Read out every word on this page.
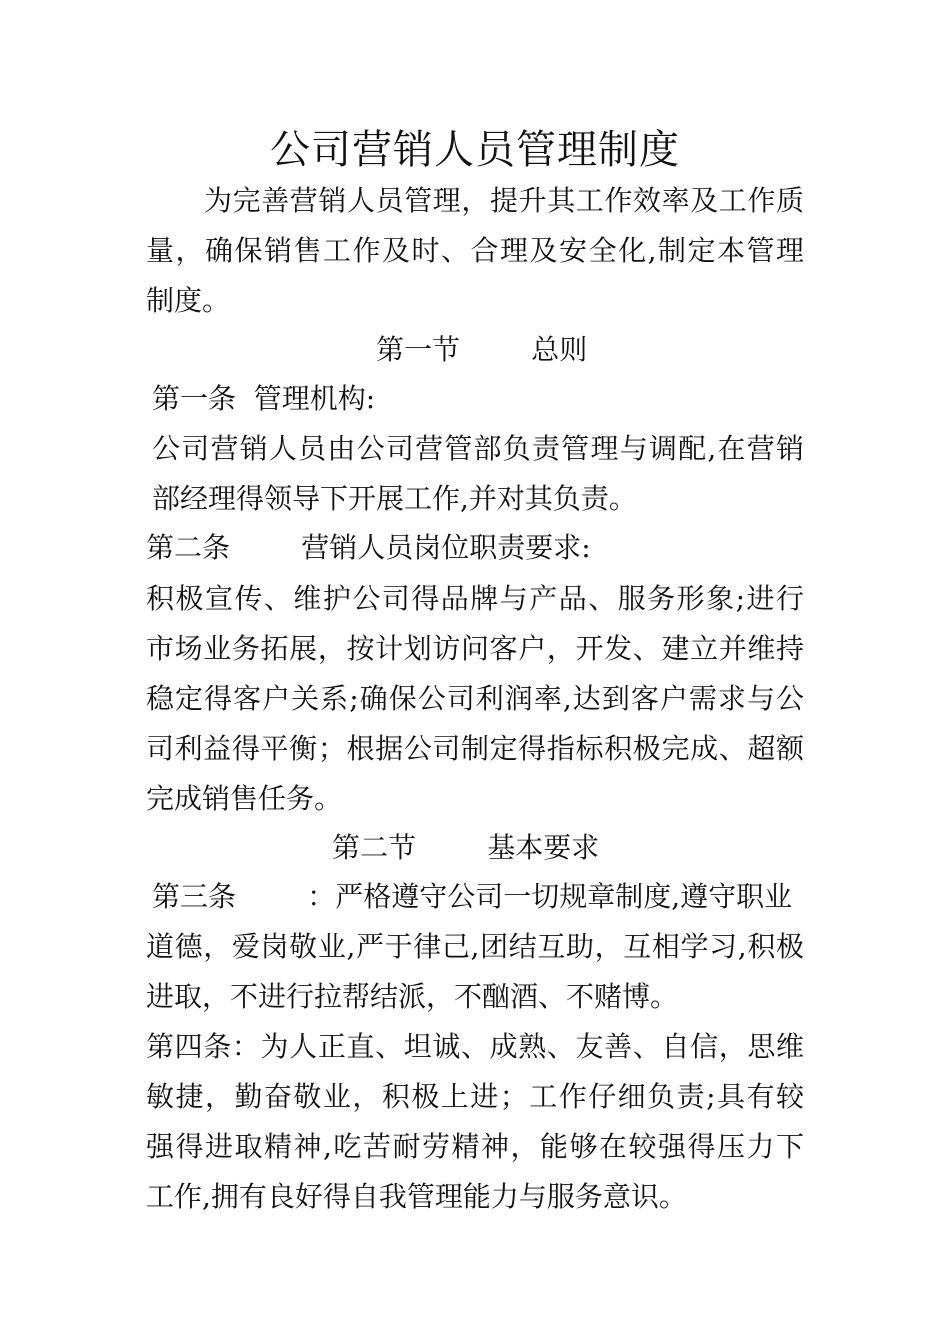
公司营销人员管理制度
为完善营销人员管理，提升其工作效率及工作质
量，确保销售工作及时、合理及安全化,制定本管理
制度。
第一节        总则
第一条  管理机构:
公司营销人员由公司营管部负责管理与调配,在营销
部经理得领导下开展工作,并对其负责。
第二条        营销人员岗位职责要求:
积极宣传、维护公司得品牌与产品、服务形象;进行
市场业务拓展，按计划访问客户，开发、建立并维持
稳定得客户关系;确保公司利润率,达到客户需求与公
司利益得平衡；根据公司制定得指标积极完成、超额
完成销售任务。
第二节        基本要求
第三条        ：严格遵守公司一切规章制度,遵守职业
道德，爱岗敬业,严于律己,团结互助，互相学习,积极
进取，不进行拉帮结派，不酗酒、不赌博。
第四条：为人正直、坦诚、成熟、友善、自信，思维
敏捷，勤奋敬业，积极上进；工作仔细负责;具有较
强得进取精神,吃苦耐劳精神，能够在较强得压力下
工作,拥有良好得自我管理能力与服务意识。
